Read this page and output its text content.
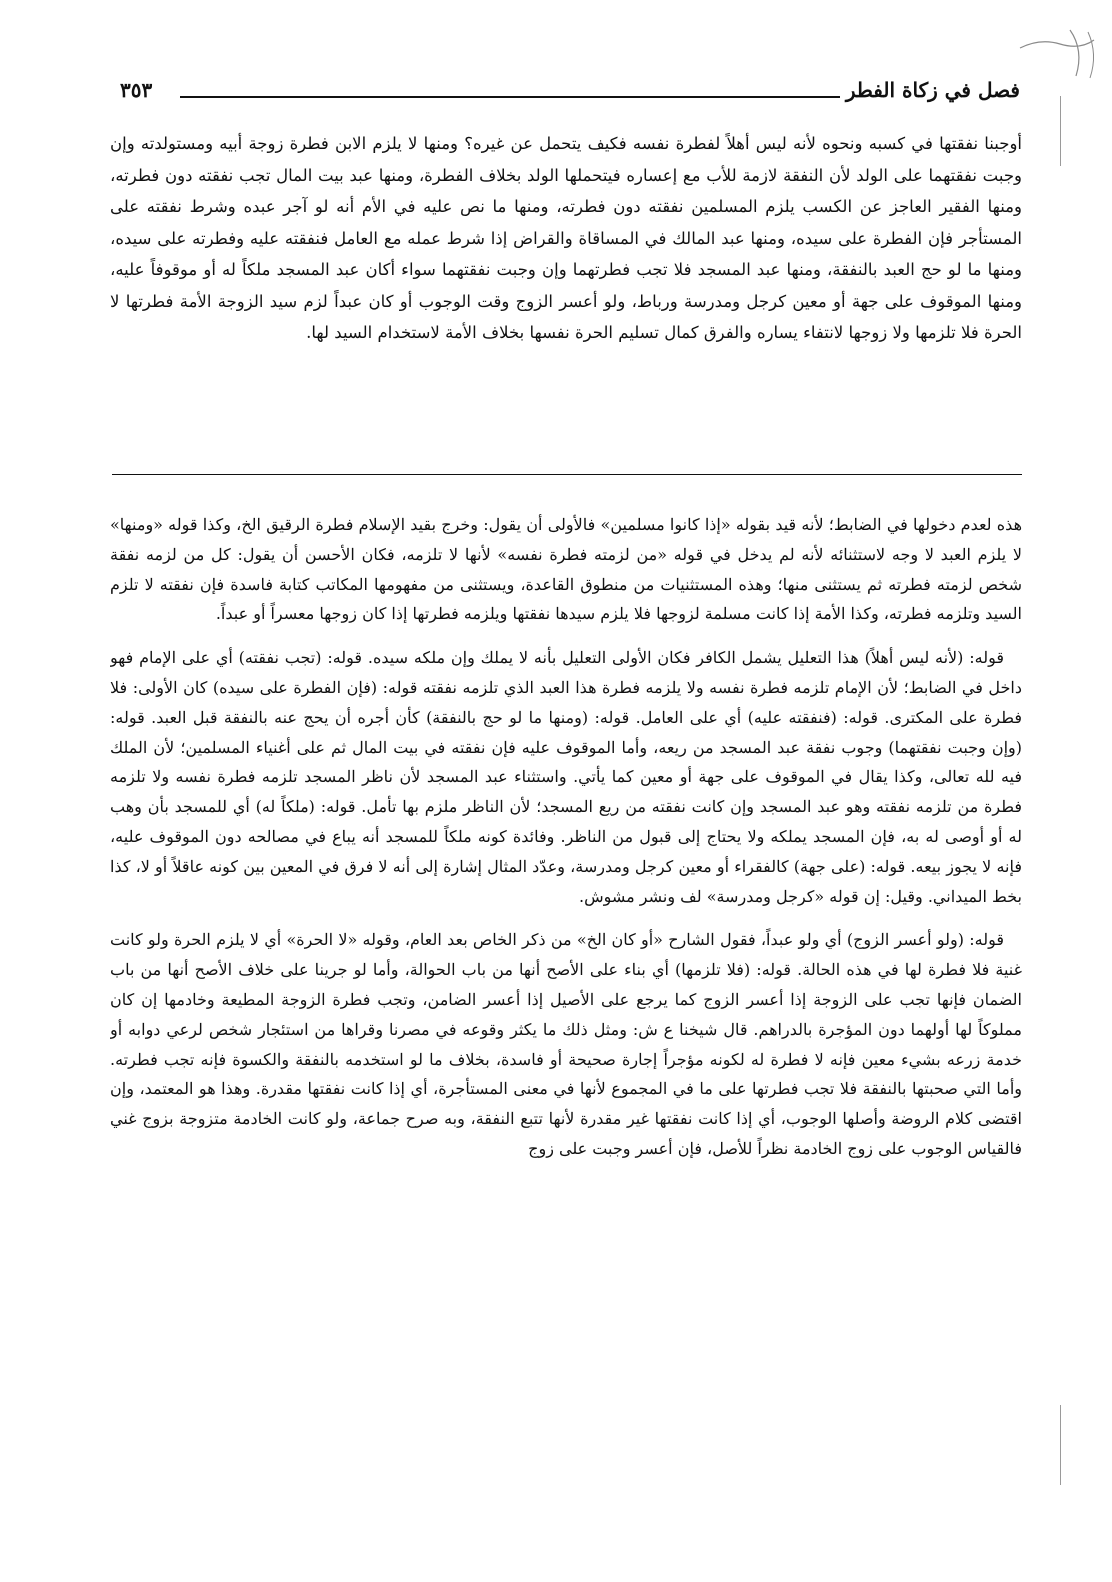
فصل في زكاة الفطر
٣٥٣
أوجبنا نفقتها في كسبه ونحوه لأنه ليس أهلاً لفطرة نفسه فكيف يتحمل عن غيره؟ ومنها لا يلزم الابن فطرة زوجة أبيه ومستولدته وإن وجبت نفقتهما على الولد لأن النفقة لازمة للأب مع إعساره فيتحملها الولد بخلاف الفطرة، ومنها عبد بيت المال تجب نفقته دون فطرته، ومنها الفقير العاجز عن الكسب يلزم المسلمين نفقته دون فطرته، ومنها ما نص عليه في الأم أنه لو آجر عبده وشرط نفقته على المستأجر فإن الفطرة على سيده، ومنها عبد المالك في المساقاة والقراض إذا شرط عمله مع العامل فنفقته عليه وفطرته على سيده، ومنها ما لو حج العبد بالنفقة، ومنها عبد المسجد فلا تجب فطرتهما وإن وجبت نفقتهما سواء أكان عبد المسجد ملكاً له أو موقوفاً عليه، ومنها الموقوف على جهة أو معين كرجل ومدرسة ورباط، ولو أعسر الزوج وقت الوجوب أو كان عبداً لزم سيد الزوجة الأمة فطرتها لا الحرة فلا تلزمها ولا زوجها لانتفاء يساره والفرق كمال تسليم الحرة نفسها بخلاف الأمة لاستخدام السيد لها.

هذه لعدم دخولها في الضابط؛ لأنه قيد بقوله «إذا كانوا مسلمين» فالأولى أن يقول: وخرج بقيد الإسلام فطرة الرقيق الخ، وكذا قوله «ومنها» لا يلزم العبد لا وجه لاستثنائه لأنه لم يدخل في قوله «من لزمته فطرة نفسه» لأنها لا تلزمه، فكان الأحسن أن يقول: كل من لزمه نفقة شخص لزمته فطرته ثم يستثنى منها؛ وهذه المستثنيات من منطوق القاعدة، ويستثنى من مفهومها المكاتب كتابة فاسدة فإن نفقته لا تلزم السيد وتلزمه فطرته، وكذا الأمة إذا كانت مسلمة لزوجها فلا يلزم سيدها نفقتها ويلزمه فطرتها إذا كان زوجها معسراً أو عبداً.

قوله: (لأنه ليس أهلاً) هذا التعليل يشمل الكافر فكان الأولى التعليل بأنه لا يملك وإن ملكه سيده. قوله: (تجب نفقته) أي على الإمام فهو داخل في الضابط؛ لأن الإمام تلزمه فطرة نفسه ولا يلزمه فطرة هذا العبد الذي تلزمه نفقته قوله: (فإن الفطرة على سيده) كان الأولى: فلا فطرة على المكترى. قوله: (فنفقته عليه) أي على العامل. قوله: (ومنها ما لو حج بالنفقة) كأن أجره أن يحج عنه بالنفقة قبل العبد. قوله: (وإن وجبت نفقتهما) وجوب نفقة عبد المسجد من ريعه، وأما الموقوف عليه فإن نفقته في بيت المال ثم على أغنياء المسلمين؛ لأن الملك فيه لله تعالى، وكذا يقال في الموقوف على جهة أو معين كما يأتي. واستثناء عبد المسجد لأن ناظر المسجد تلزمه فطرة نفسه ولا تلزمه فطرة من تلزمه نفقته وهو عبد المسجد وإن كانت نفقته من ريع المسجد؛ لأن الناظر ملزم بها تأمل. قوله: (ملكاً له) أي للمسجد بأن وهب له أو أوصى له به، فإن المسجد يملكه ولا يحتاج إلى قبول من الناظر. وفائدة كونه ملكاً للمسجد أنه يباع في مصالحه دون الموقوف عليه، فإنه لا يجوز بيعه. قوله: (على جهة) كالفقراء أو معين كرجل ومدرسة، وعدّد المثال إشارة إلى أنه لا فرق في المعين بين كونه عاقلاً أو لا، كذا بخط الميداني. وقيل: إن قوله «كرجل ومدرسة» لف ونشر مشوش.

قوله: (ولو أعسر الزوج) أي ولو عبداً، فقول الشارح «أو كان الخ» من ذكر الخاص بعد العام، وقوله «لا الحرة» أي لا يلزم الحرة ولو كانت غنية فلا فطرة لها في هذه الحالة. قوله: (فلا تلزمها) أي بناء على الأصح أنها من باب الحوالة، وأما لو جرينا على خلاف الأصح أنها من باب الضمان فإنها تجب على الزوجة إذا أعسر الزوج كما يرجع على الأصيل إذا أعسر الضامن، وتجب فطرة الزوجة المطيعة وخادمها إن كان مملوكاً لها أولهما دون المؤجرة بالدراهم. قال شيخنا ع ش: ومثل ذلك ما يكثر وقوعه في مصرنا وقراها من استئجار شخص لرعي دوابه أو خدمة زرعه بشيء معين فإنه لا فطرة له لكونه مؤجراً إجارة صحيحة أو فاسدة، بخلاف ما لو استخدمه بالنفقة والكسوة فإنه تجب فطرته. وأما التي صحبتها بالنفقة فلا تجب فطرتها على ما في المجموع لأنها في معنى المستأجرة، أي إذا كانت نفقتها مقدرة. وهذا هو المعتمد، وإن اقتضى كلام الروضة وأصلها الوجوب، أي إذا كانت نفقتها غير مقدرة لأنها تتبع النفقة، وبه صرح جماعة، ولو كانت الخادمة متزوجة بزوج غني فالقياس الوجوب على زوج الخادمة نظراً للأصل، فإن أعسر وجبت على زوج
